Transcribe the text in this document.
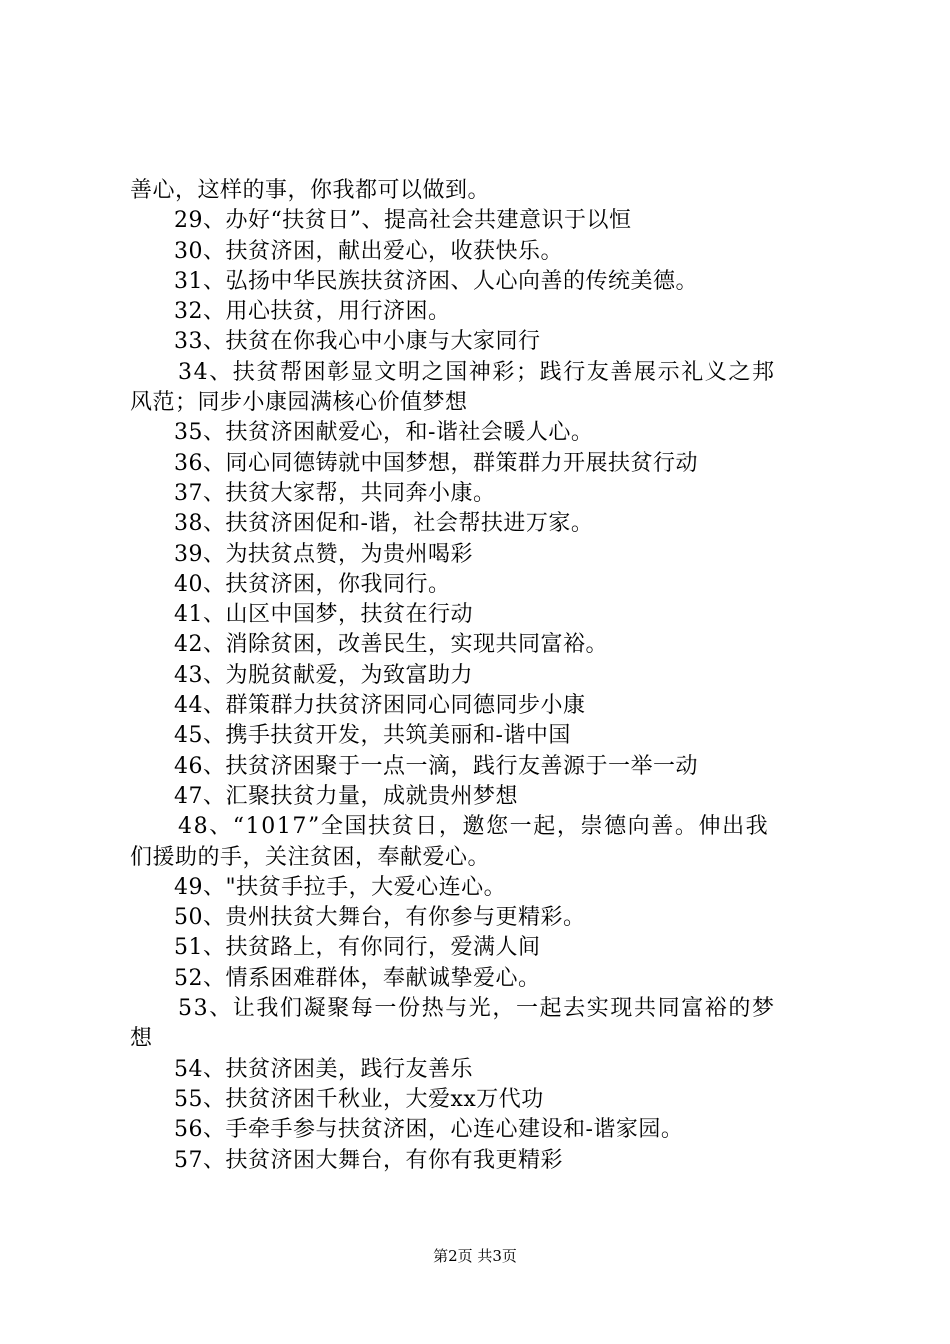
善心，这样的事，你我都可以做到。
29、办好“扶贫日”、提高社会共建意识于以恒
30、扶贫济困，献出爱心，收获快乐。
31、弘扬中华民族扶贫济困、人心向善的传统美德。
32、用心扶贫，用行济困。
33、扶贫在你我心中小康与大家同行
34、扶贫帮困彰显文明之国神彩；践行友善展示礼义之邦
风范；同步小康园满核心价值梦想
35、扶贫济困献爱心，和-谐社会暖人心。
36、同心同德铸就中国梦想，群策群力开展扶贫行动
37、扶贫大家帮，共同奔小康。
38、扶贫济困促和-谐，社会帮扶进万家。
39、为扶贫点赞，为贵州喝彩
40、扶贫济困，你我同行。
41、山区中国梦，扶贫在行动
42、消除贫困，改善民生，实现共同富裕。
43、为脱贫献爱，为致富助力
44、群策群力扶贫济困同心同德同步小康
45、携手扶贫开发，共筑美丽和-谐中国
46、扶贫济困聚于一点一滴，践行友善源于一举一动
47、汇聚扶贫力量，成就贵州梦想
48、“1017”全国扶贫日，邀您一起，崇德向善。伸出我
们援助的手，关注贫困，奉献爱心。
49、"扶贫手拉手，大爱心连心。
50、贵州扶贫大舞台，有你参与更精彩。
51、扶贫路上，有你同行，爱满人间
52、情系困难群体，奉献诚挚爱心。
53、让我们凝聚每一份热与光，一起去实现共同富裕的梦
想
54、扶贫济困美，践行友善乐
55、扶贫济困千秋业，大爱xx万代功
56、手牵手参与扶贫济困，心连心建设和-谐家园。
57、扶贫济困大舞台，有你有我更精彩
第2页 共3页
